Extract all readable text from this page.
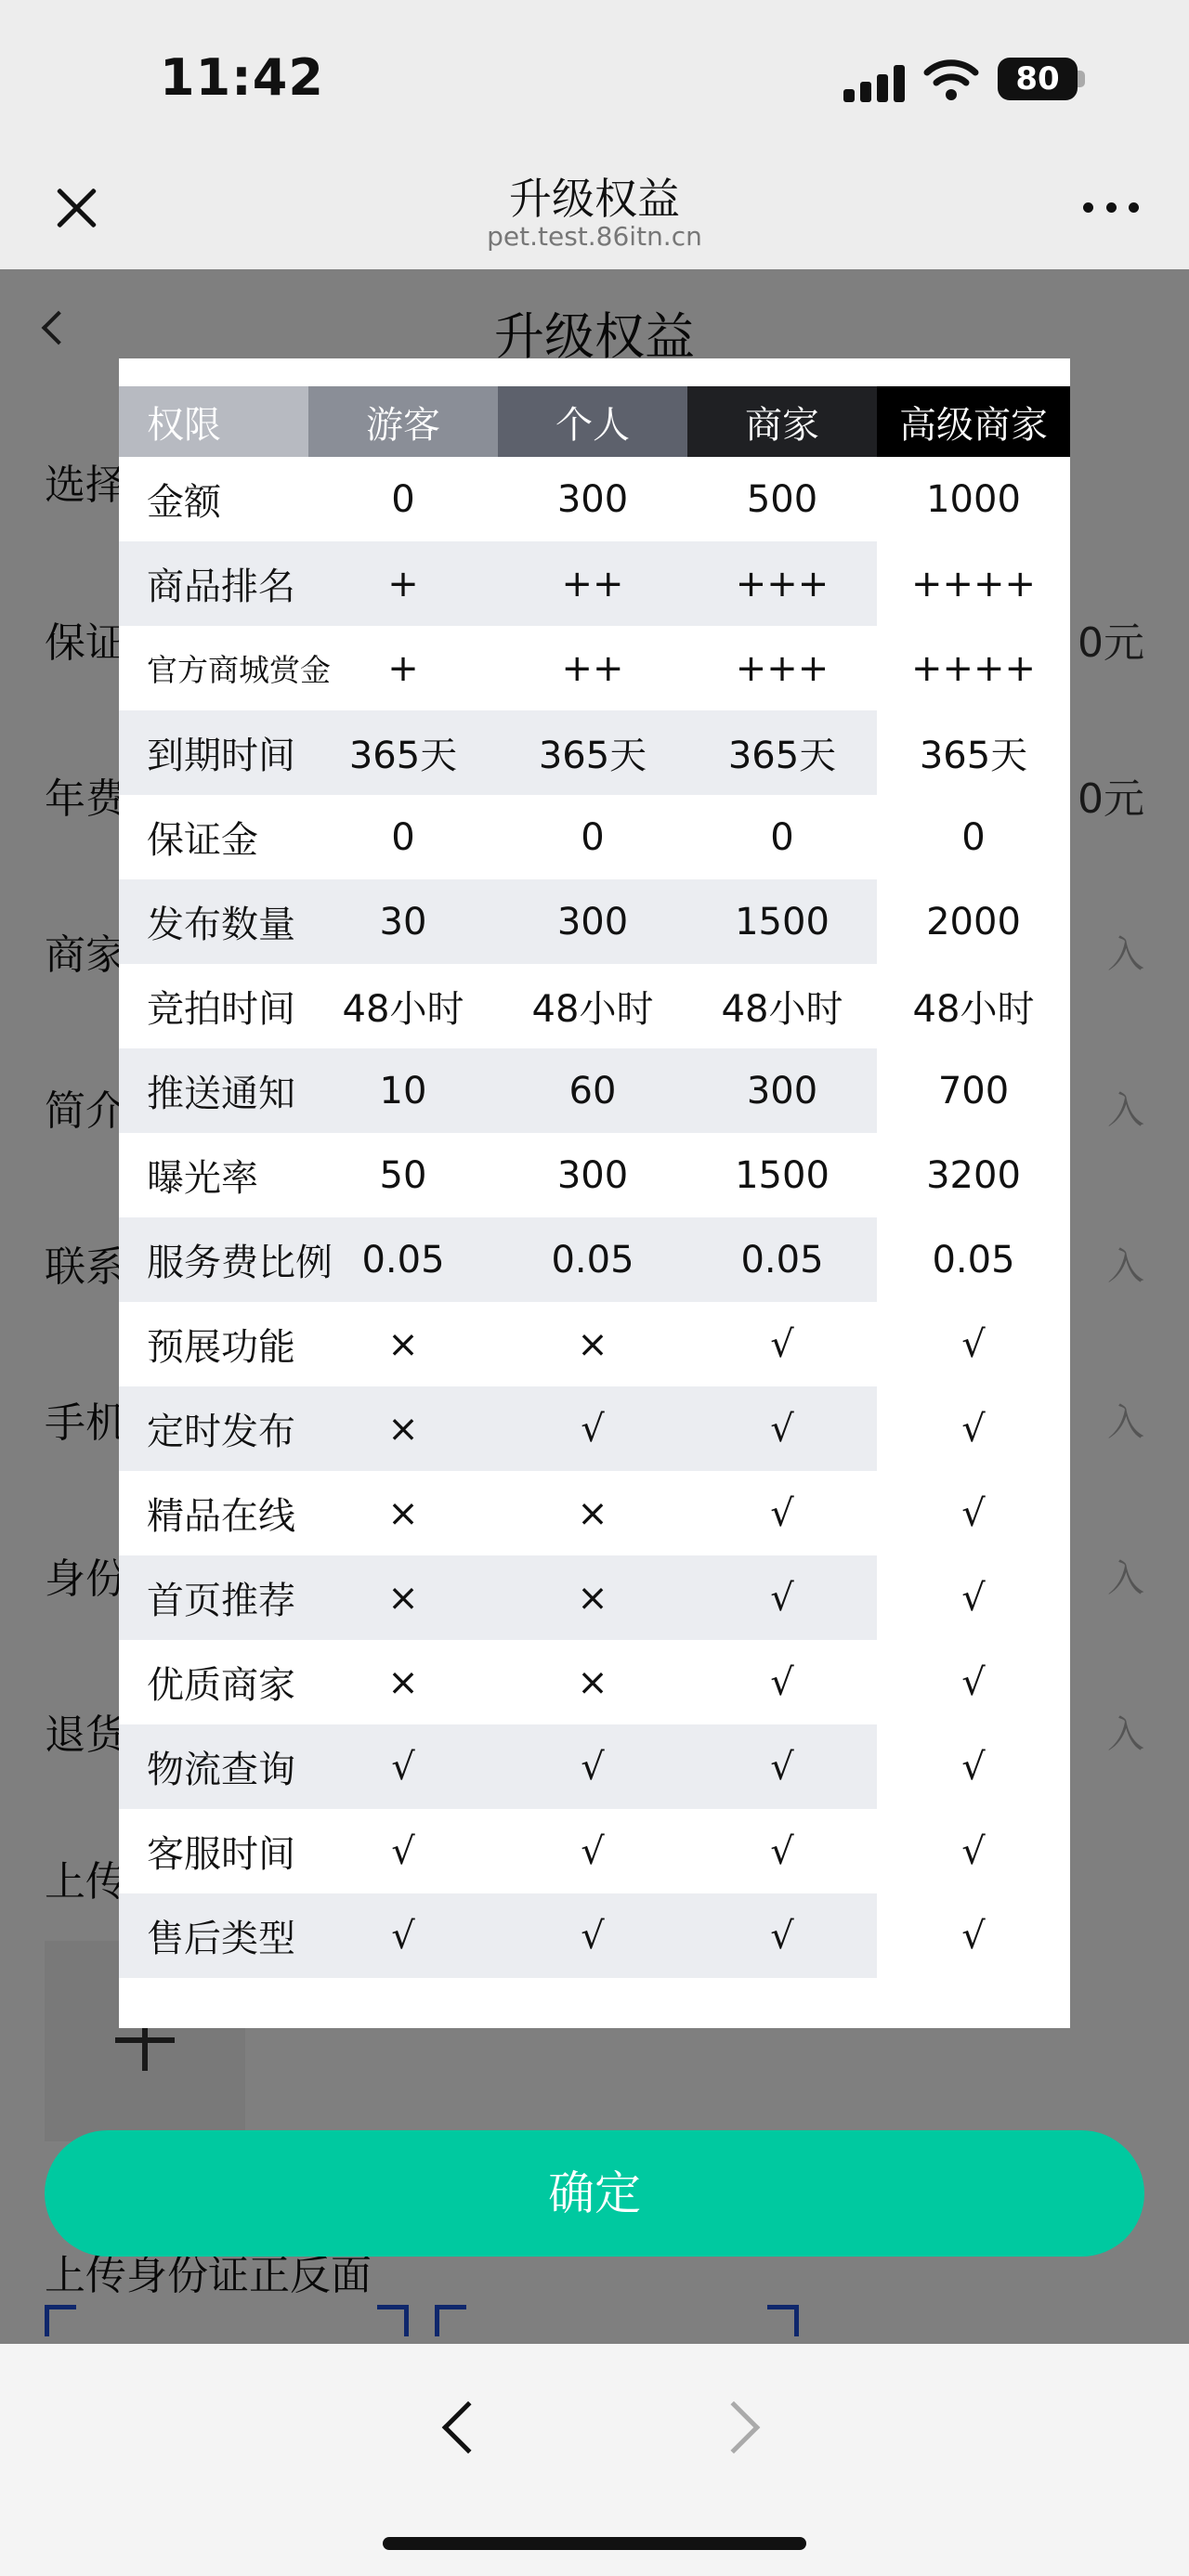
11:42	80
升级权益
pet.test.86itn.cn
权限	游客	个人	商家	高级商家
金额	0	300	500	1000
商品排名	+	++	+++	++++
官方商城赏金	+	++	+++	++++
到期时间	365天	365天	365天	365天
保证金	0	0	0	0
发布数量	30	300	1500	2000
竞拍时间	48小时	48小时	48小时	48小时
推送通知	10	60	300	700
曝光率	50	300	1500	3200
服务费比例	0.05	0.05	0.05	0.05
预展功能	×	×	√	√
定时发布	×	√	√	√
精品在线	×	×	√	√
首页推荐	×	×	√	√
优质商家	×	×	√	√
物流查询	√	√	√	√
客服时间	√	√	√	√
售后类型	√	√	√	√
确定
